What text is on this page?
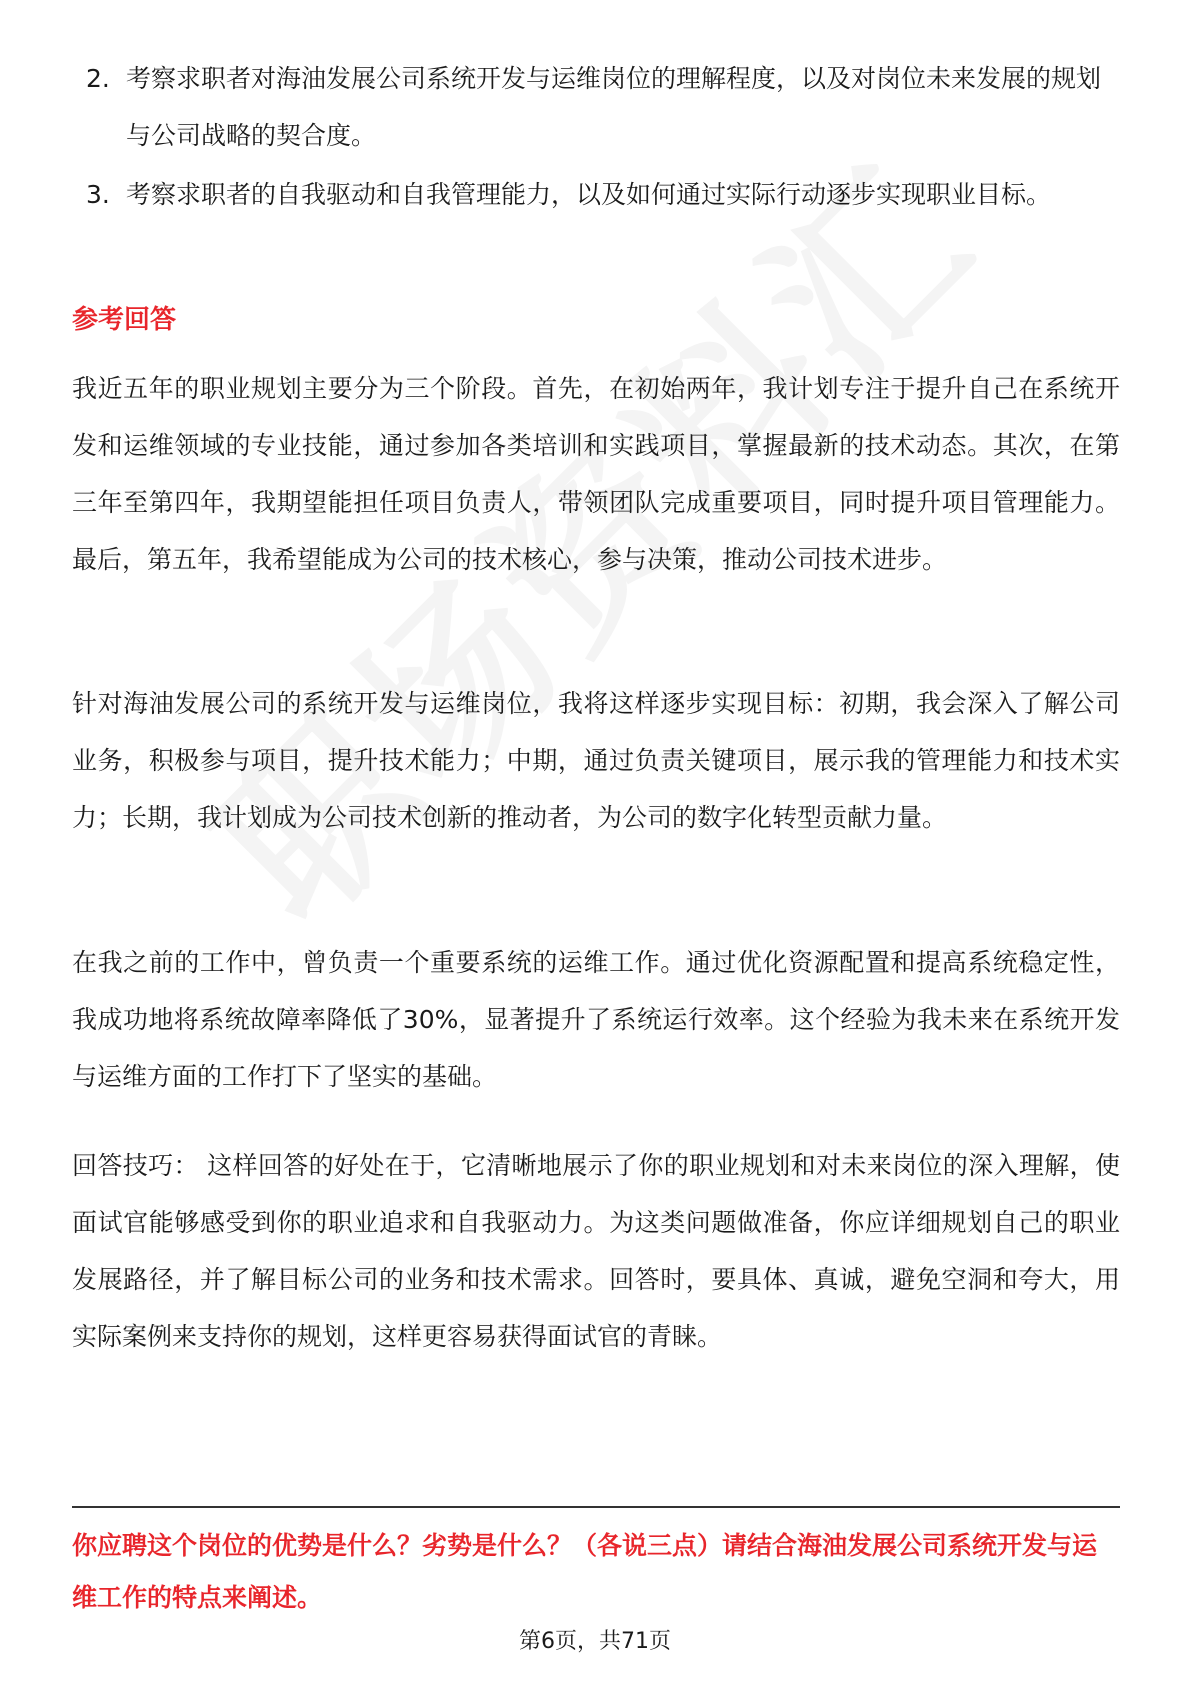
2. 考察求职者对海油发展公司系统开发与运维岗位的理解程度，以及对岗位未来发展的规划与公司战略的契合度。
3. 考察求职者的自我驱动和自我管理能力，以及如何通过实际行动逐步实现职业目标。
参考回答

我近五年的职业规划主要分为三个阶段。首先，在初始两年，我计划专注于提升自己在系统开发和运维领域的专业技能，通过参加各类培训和实践项目，掌握最新的技术动态。其次，在第三年至第四年，我期望能担任项目负责人，带领团队完成重要项目，同时提升项目管理能力。最后，第五年，我希望能成为公司的技术核心，参与决策，推动公司技术进步。

针对海油发展公司的系统开发与运维岗位，我将这样逐步实现目标：初期，我会深入了解公司业务，积极参与项目，提升技术能力；中期，通过负责关键项目，展示我的管理能力和技术实力；长期，我计划成为公司技术创新的推动者，为公司的数字化转型贡献力量。

在我之前的工作中，曾负责一个重要系统的运维工作。通过优化资源配置和提高系统稳定性，我成功地将系统故障率降低了30%，显著提升了系统运行效率。这个经验为我未来在系统开发与运维方面的工作打下了坚实的基础。

回答技巧： 这样回答的好处在于，它清晰地展示了你的职业规划和对未来岗位的深入理解，使面试官能够感受到你的职业追求和自我驱动力。为这类问题做准备，你应详细规划自己的职业发展路径，并了解目标公司的业务和技术需求。回答时，要具体、真诚，避免空洞和夸大，用实际案例来支持你的规划，这样更容易获得面试官的青睐。

你应聘这个岗位的优势是什么？劣势是什么？（各说三点）请结合海油发展公司系统开发与运维工作的特点来阐述。

第6页，共71页
